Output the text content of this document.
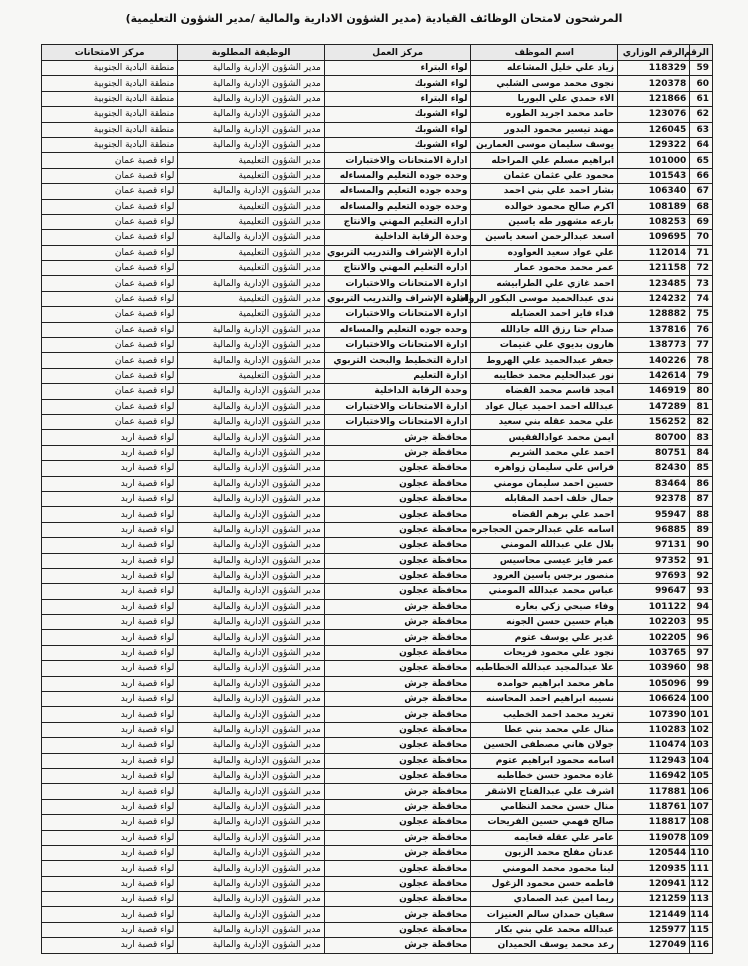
المرشحون لامتحان الوظائف القيادية (مدير الشؤون الادارية والمالية /مدير الشؤون التعليمية)
الرقم	الرقم الوزاري	اسم الموظف	مركز العمل	الوظيفة المطلوبة	مركز الامتحانات
59	118329	زياد علي خليل المشاعله	لواء البتراء	مدير الشؤون الإدارية والمالية	منطقة البادية الجنوبية
60	120378	نجوى محمد موسى الشلبي	لواء الشوبك	مدير الشؤون الإدارية والمالية	منطقة البادية الجنوبية
61	121866	الاء حمدي علي البوريا	لواء البتراء	مدير الشؤون الإدارية والمالية	منطقة البادية الجنوبية
62	123076	حامد محمد اجريد الطوره	لواء الشوبك	مدير الشؤون الإدارية والمالية	منطقة البادية الجنوبية
63	126045	مهند تيسير محمود البدور	لواء الشوبك	مدير الشؤون الإدارية والمالية	منطقة البادية الجنوبية
64	129322	يوسف سليمان موسى العمارين	لواء الشوبك	مدير الشؤون الإدارية والمالية	منطقة البادية الجنوبية
65	101000	ابراهيم مسلم علي المراحله	ادارة الامتحانات والاختبارات	مدير الشؤون التعليمية	لواء قصبة عمان
66	101543	محمود علي عثمان عثمان	وحده جوده التعليم والمساءله	مدير الشؤون التعليمية	لواء قصبة عمان
67	106340	بشار احمد علي بني احمد	وحده جوده التعليم والمساءله	مدير الشؤون الإدارية والمالية	لواء قصبة عمان
68	108189	اكرم صالح محمود خوالده	وحده جوده التعليم والمساءله	مدير الشؤون التعليمية	لواء قصبة عمان
69	108253	بارعه مشهور طه ياسين	اداره التعليم المهني والانتاج	مدير الشؤون التعليمية	لواء قصبة عمان
70	109695	اسعد عبدالرحمن اسعد ياسين	وحدة الرقابة الداخلية	مدير الشؤون الإدارية والمالية	لواء قصبة عمان
71	112014	علي عواد سعيد العواوده	ادارة الإشراف والتدريب التربوي	مدير الشؤون التعليمية	لواء قصبة عمان
72	121158	عمر محمد محمود عمار	اداره التعليم المهني والانتاج	مدير الشؤون التعليمية	لواء قصبة عمان
73	123485	احمد غازي علي الطرابيشه	ادارة الامتحانات والاختبارات	مدير الشؤون الإدارية والمالية	لواء قصبة عمان
74	124232	ندى عبدالحميد موسى البكور الرواشده	ادارة الإشراف والتدريب التربوي	مدير الشؤون التعليمية	لواء قصبة عمان
75	128882	فداء فايز احمد العضايله	ادارة الامتحانات والاختبارات	مدير الشؤون التعليمية	لواء قصبة عمان
76	137816	صدام حنا رزق الله جادالله	وحده جوده التعليم والمساءله	مدير الشؤون الإدارية والمالية	لواء قصبة عمان
77	138773	هارون بديوي علي غنيمات	ادارة الامتحانات والاختبارات	مدير الشؤون الإدارية والمالية	لواء قصبة عمان
78	140226	جعفر عبدالحميد علي الهروط	ادارة التخطيط والبحث التربوي	مدير الشؤون الإدارية والمالية	لواء قصبة عمان
79	142614	نور عبدالحليم محمد خطايبه	ادارة التعليم	مدير الشؤون التعليمية	لواء قصبة عمان
80	146919	امجد قاسم محمد القضاه	وحدة الرقابة الداخلية	مدير الشؤون الإدارية والمالية	لواء قصبة عمان
81	147289	عبدالله احمد احميد عيال عواد	ادارة الامتحانات والاختبارات	مدير الشؤون الإدارية والمالية	لواء قصبة عمان
82	156252	علي محمد عقله بني سعيد	ادارة الامتحانات والاختبارات	مدير الشؤون الإدارية والمالية	لواء قصبة عمان
83	80700	ايمن محمد عوادالفقيس	محافظة جرش	مدير الشؤون الإدارية والمالية	لواء قصبة اربد
84	80751	احمد علي محمد الشريم	محافظة جرش	مدير الشؤون الإدارية والمالية	لواء قصبة اربد
85	82430	فراس علي سليمان زواهره	محافظة عجلون	مدير الشؤون الإدارية والمالية	لواء قصبة اربد
86	83464	حسين احمد سليمان مومني	محافظة عجلون	مدير الشؤون الإدارية والمالية	لواء قصبة اربد
87	92378	جمال خلف احمد المقابله	محافظة عجلون	مدير الشؤون الإدارية والمالية	لواء قصبة اربد
88	95947	احمد علي برهم القضاه	محافظة عجلون	مدير الشؤون الإدارية والمالية	لواء قصبة اربد
89	96885	اسامه علي عبدالرحمن الحجاجره	محافظة عجلون	مدير الشؤون الإدارية والمالية	لواء قصبة اربد
90	97131	بلال علي عبدالله المومني	محافظة عجلون	مدير الشؤون الإدارية والمالية	لواء قصبة اربد
91	97352	عمر فايز عيسى محاسيس	محافظة عجلون	مدير الشؤون الإدارية والمالية	لواء قصبة اربد
92	97693	منصور برجس ياسين العرود	محافظة عجلون	مدير الشؤون الإدارية والمالية	لواء قصبة اربد
93	99647	عباس محمد عبدالله المومني	محافظة عجلون	مدير الشؤون الإدارية والمالية	لواء قصبة اربد
94	101122	وفاء صبحي زكي بعاره	محافظة جرش	مدير الشؤون الإدارية والمالية	لواء قصبة اربد
95	102203	هيام حسين حسن الجونه	محافظة جرش	مدير الشؤون الإدارية والمالية	لواء قصبة اربد
96	102205	غدير علي يوسف عتوم	محافظة جرش	مدير الشؤون الإدارية والمالية	لواء قصبة اربد
97	103765	نجود علي محمود فريحات	محافظة عجلون	مدير الشؤون الإدارية والمالية	لواء قصبة اربد
98	103960	علا عبدالمجيد عبدالله الخطاطبه	محافظة عجلون	مدير الشؤون الإدارية والمالية	لواء قصبة اربد
99	105096	ماهر محمد ابراهيم حوامده	محافظة جرش	مدير الشؤون الإدارية والمالية	لواء قصبة اربد
100	106624	نسيبه ابراهيم احمد المحاسنه	محافظة جرش	مدير الشؤون الإدارية والمالية	لواء قصبة اربد
101	107390	تغريد محمد احمد الخطيب	محافظة جرش	مدير الشؤون الإدارية والمالية	لواء قصبة اربد
102	110283	منال علي محمد بني عطا	محافظة عجلون	مدير الشؤون الإدارية والمالية	لواء قصبة اربد
103	110474	جولان هاني مصطفى الحسين	محافظة عجلون	مدير الشؤون الإدارية والمالية	لواء قصبة اربد
104	112943	اسامه محمود ابراهيم عتوم	محافظة عجلون	مدير الشؤون الإدارية والمالية	لواء قصبة اربد
105	116942	غاده محمود حسن خطاطبه	محافظة عجلون	مدير الشؤون الإدارية والمالية	لواء قصبة اربد
106	117881	اشرف علي عبدالفتاح الاشقر	محافظة جرش	مدير الشؤون الإدارية والمالية	لواء قصبة اربد
107	118761	منال حسن محمد النظامي	محافظة جرش	مدير الشؤون الإدارية والمالية	لواء قصبة اربد
108	118817	صالح فهمي حسين الفريحات	محافظة عجلون	مدير الشؤون الإدارية والمالية	لواء قصبة اربد
109	119078	عامر علي عقله قعايمه	محافظة جرش	مدير الشؤون الإدارية والمالية	لواء قصبة اربد
110	120544	عدنان مفلح محمد الزبون	محافظة جرش	مدير الشؤون الإدارية والمالية	لواء قصبة اربد
111	120935	لينا محمود محمد المومني	محافظة عجلون	مدير الشؤون الإدارية والمالية	لواء قصبة اربد
112	120941	فاطمه حسن محمود الزغول	محافظة عجلون	مدير الشؤون الإدارية والمالية	لواء قصبة اربد
113	121259	ريما امين عبد الصمادي	محافظة عجلون	مدير الشؤون الإدارية والمالية	لواء قصبة اربد
114	121449	سفيان حمدان سالم العنيزات	محافظة جرش	مدير الشؤون الإدارية والمالية	لواء قصبة اربد
115	125977	عبدالله محمد علي بني بكار	محافظة عجلون	مدير الشؤون الإدارية والمالية	لواء قصبة اربد
116	127049	رعد محمد يوسف الحميدان	محافظة جرش	مدير الشؤون الإدارية والمالية	لواء قصبة اربد
